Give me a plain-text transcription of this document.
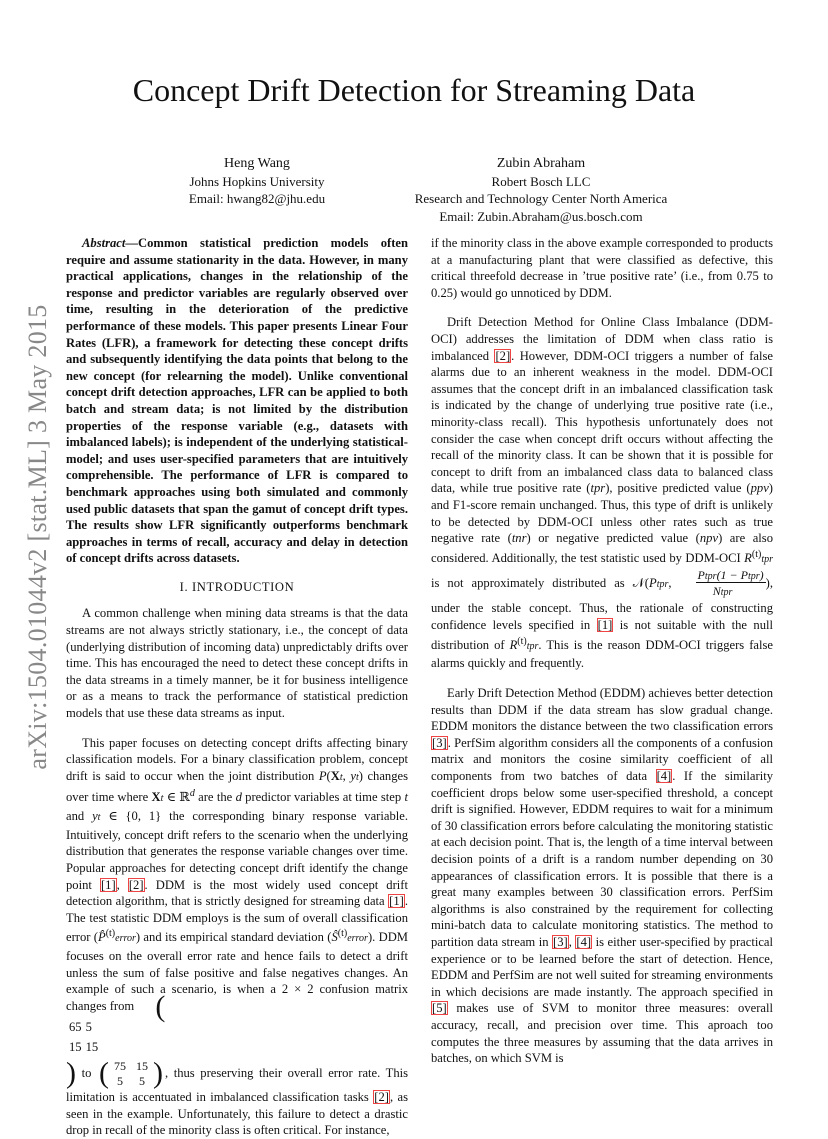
Concept Drift Detection for Streaming Data
arXiv:1504.01044v2 [stat.ML] 3 May 2015
Heng Wang
Johns Hopkins University
Email: hwang82@jhu.edu
Zubin Abraham
Robert Bosch LLC
Research and Technology Center North America
Email: Zubin.Abraham@us.bosch.com

Abstract—Common statistical prediction models often require and assume stationarity in the data. However, in many practical applications, changes in the relationship of the response and predictor variables are regularly observed over time, resulting in the deterioration of the predictive performance of these models. This paper presents Linear Four Rates (LFR), a framework for detecting these concept drifts and subsequently identifying the data points that belong to the new concept (for relearning the model). Unlike conventional concept drift detection approaches, LFR can be applied to both batch and stream data; is not limited by the distribution properties of the response variable (e.g., datasets with imbalanced labels); is independent of the underlying statistical-model; and uses user-specified parameters that are intuitively comprehensible. The performance of LFR is compared to benchmark approaches using both simulated and commonly used public datasets that span the gamut of concept drift types. The results show LFR significantly outperforms benchmark approaches in terms of recall, accuracy and delay in detection of concept drifts across datasets.

I. INTRODUCTION

A common challenge when mining data streams is that the data streams are not always strictly stationary, i.e., the concept of data (underlying distribution of incoming data) unpredictably drifts over time. This has encouraged the need to detect these concept drifts in the data streams in a timely manner, be it for business intelligence or as a means to track the performance of statistical prediction models that use these data streams as input.

This paper focuses on detecting concept drifts affecting binary classification models. For a binary classification problem, concept drift is said to occur when the joint distribution P(Xt, yt) changes over time where Xt ∈ ℝ$^d$ are the d predictor variables at time step t and yt ∈ {0, 1} the corresponding binary response variable. Intuitively, concept drift refers to the scenario when the underlying distribution that generates the response variable changes over time. Popular approaches for detecting concept drift identify the change point [1], [2]. DDM is the most widely used concept drift detection algorithm, that is strictly designed for streaming data [1]. The test statistic DDM employs is the sum of overall classification error (P̂$^{(t)}$error) and its empirical standard deviation $(Ŝ^{(t)}error)$. DDM focuses on the overall error rate and hence fails to detect a drift unless the sum of false positive and false negatives changes. An example of such a scenario, is when a 2 × 2 confusion matrix changes from (

65	5
15	15
) to ( 75	15
5	5 ) , thus preserving their overall error rate. This limitation is accentuated in imbalanced classification tasks [2], as seen in the example. Unfortunately, this failure to detect a drastic drop in recall of the minority class is often critical. For instance,

if the minority class in the above example corresponded to products at a manufacturing plant that were classified as defective, this critical threefold decrease in ’true positive rate’ (i.e., from 0.75 to 0.25) would go unnoticed by DDM.

Drift Detection Method for Online Class Imbalance (DDM-OCI) addresses the limitation of DDM when class ratio is imbalanced [2]. However, DDM-OCI triggers a number of false alarms due to an inherent weakness in the model. DDM-OCI assumes that the concept drift in an imbalanced classification task is indicated by the change of underlying true positive rate (i.e., minority-class recall). This hypothesis unfortunately does not consider the case when concept drift occurs without affecting the recall of the minority class. It can be shown that it is possible for concept to drift from an imbalanced class data to balanced class data, while true positive rate (tpr), positive predicted value (ppv) and F1-score remain unchanged. Thus, this type of drift is unlikely to be detected by DDM-OCI unless other rates such as true negative rate (tnr) or negative predicted value (npv) are also considered. Additionally, the test statistic used by DDM-OCI $R^{(t)}tpr$ is not approximately distributed as 𝒩(Ptpr, $\frac{\text{Ptpr(1 − Ptpr)}}{\text{Ntpr}}$), under the stable concept. Thus, the rationale of constructing confidence levels specified in [1] is not suitable with the null distribution of $R^{(t)}tpr$. This is the reason DDM-OCI triggers false alarms quickly and frequently.

Early Drift Detection Method (EDDM) achieves better detection results than DDM if the data stream has slow gradual change. EDDM monitors the distance between the two classification errors [3]. PerfSim algorithm considers all the components of a confusion matrix and monitors the cosine similarity coefficient of all components from two batches of data [4]. If the similarity coefficient drops below some user-specified threshold, a concept drift is signified. However, EDDM requires to wait for a minimum of 30 classification errors before calculating the monitoring statistic at each decision point. That is, the length of a time interval between decision points of a drift is a random number depending on 30 appearances of classification errors. It is possible that there is a great many examples between 30 classification errors. PerfSim algorithms is also constrained by the requirement for collecting mini-batch data to calculate monitoring statistics. The method to partition data stream in [3], [4] is either user-specified by practical experience or to be learned before the start of detection. Hence, EDDM and PerfSim are not well suited for streaming environments in which decisions are made instantly. The approach specified in [5] makes use of SVM to monitor three measures: overall accuracy, recall, and precision over time. This aproach too computes the three measures by assuming that the data arrives in batches, on which SVM is
